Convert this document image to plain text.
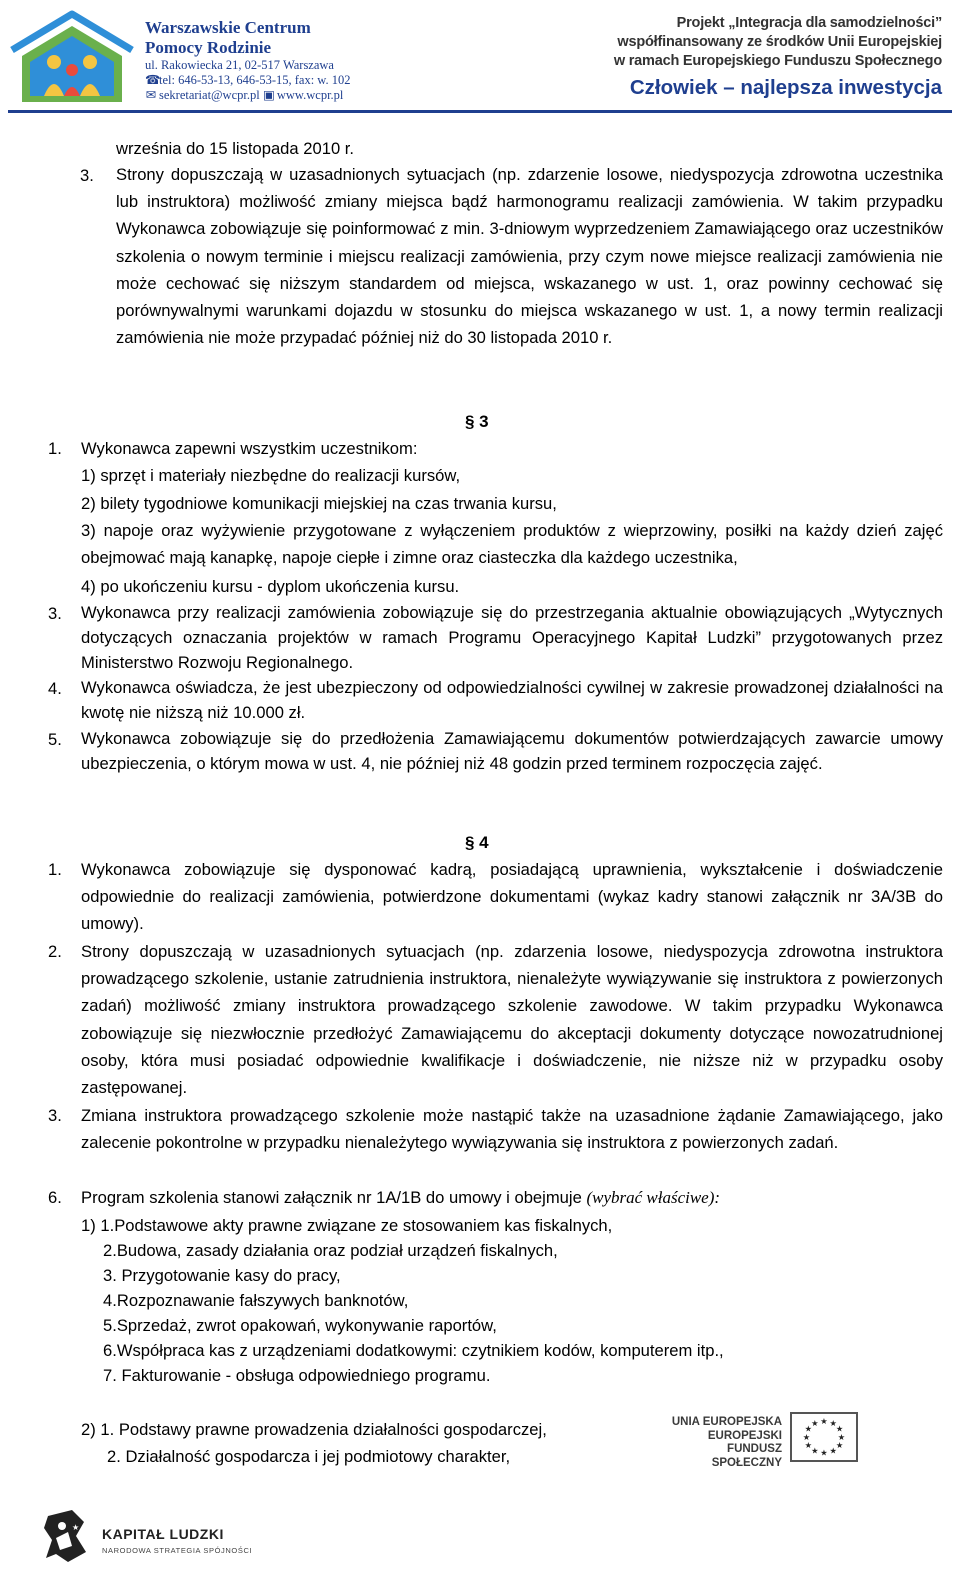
Warszawskie Centrum
Pomocy Rodzinie
ul. Rakowiecka 21, 02-517 Warszawa
☎tel: 646-53-13, 646-53-15, fax: w. 102
✉ sekretariat@wcpr.pl ▣ www.wcpr.pl
Projekt „Integracja dla samodzielności”
współfinansowany ze środków Unii Europejskiej
w ramach Europejskiego Funduszu Społecznego
Człowiek – najlepsza inwestycja
września do 15 listopada 2010 r.
3. Strony dopuszczają w uzasadnionych sytuacjach (np. zdarzenie losowe, niedyspozycja zdrowotna uczestnika lub instruktora) możliwość zmiany miejsca bądź harmonogramu realizacji zamówienia. W takim przypadku Wykonawca zobowiązuje się poinformować z min. 3-dniowym wyprzedzeniem Zamawiającego oraz uczestników szkolenia o nowym terminie i miejscu realizacji zamówienia, przy czym nowe miejsce realizacji zamówienia nie może cechować się niższym standardem od miejsca, wskazanego w ust. 1, oraz powinny cechować się porównywalnymi warunkami dojazdu w stosunku do miejsca wskazanego w ust. 1, a nowy termin realizacji zamówienia nie może przypadać później niż do 30 listopada 2010 r.
§ 3
1. Wykonawca zapewni wszystkim uczestnikom:
1) sprzęt i materiały niezbędne do realizacji kursów,
2) bilety tygodniowe komunikacji miejskiej na czas trwania kursu,
3) napoje oraz wyżywienie przygotowane z wyłączeniem produktów z wieprzowiny, posiłki na każdy dzień zajęć obejmować mają kanapkę, napoje ciepłe i zimne oraz ciasteczka dla każdego uczestnika,
4) po ukończeniu kursu - dyplom ukończenia kursu.
3. Wykonawca przy realizacji zamówienia zobowiązuje się do przestrzegania aktualnie obowiązujących „Wytycznych dotyczących oznaczania projektów w ramach Programu Operacyjnego Kapitał Ludzki” przygotowanych przez Ministerstwo Rozwoju Regionalnego.
4. Wykonawca oświadcza, że jest ubezpieczony od odpowiedzialności cywilnej w zakresie prowadzonej działalności na kwotę nie niższą niż 10.000 zł.
5. Wykonawca zobowiązuje się do przedłożenia Zamawiającemu dokumentów potwierdzających zawarcie umowy ubezpieczenia, o którym mowa w ust. 4, nie później niż 48 godzin przed terminem rozpoczęcia zajęć.
§ 4
1. Wykonawca zobowiązuje się dysponować kadrą, posiadającą uprawnienia, wykształcenie i doświadczenie odpowiednie do realizacji zamówienia, potwierdzone dokumentami (wykaz kadry stanowi załącznik nr 3A/3B do umowy).
2. Strony dopuszczają w uzasadnionych sytuacjach (np. zdarzenia losowe, niedyspozycja zdrowotna instruktora prowadzącego szkolenie, ustanie zatrudnienia instruktora, nienależyte wywiązywanie się instruktora z powierzonych zadań) możliwość zmiany instruktora prowadzącego szkolenie zawodowe. W takim przypadku Wykonawca zobowiązuje się niezwłocznie przedłożyć Zamawiającemu do akceptacji dokumenty dotyczące nowozatrudnionej osoby, która musi posiadać odpowiednie kwalifikacje i doświadczenie, nie niższe niż w przypadku osoby zastępowanej.
3. Zmiana instruktora prowadzącego szkolenie może nastąpić także na uzasadnione żądanie Zamawiającego, jako zalecenie pokontrolne w przypadku nienależytego wywiązywania się instruktora z powierzonych zadań.
6. Program szkolenia stanowi załącznik nr 1A/1B do umowy i obejmuje (wybrać właściwe):
1) 1.Podstawowe akty prawne związane ze stosowaniem kas fiskalnych,
2.Budowa, zasady działania oraz podział urządzeń fiskalnych,
3. Przygotowanie kasy do pracy,
4.Rozpoznawanie fałszywych banknotów,
5.Sprzedaż, zwrot opakowań, wykonywanie raportów,
6.Współpraca kas z urządzeniami dodatkowymi: czytnikiem kodów, komputerem itp.,
7. Fakturowanie - obsługa odpowiedniego programu.
2) 1. Podstawy prawne prowadzenia działalności gospodarczej,
2. Działalność gospodarcza i jej podmiotowy charakter,
UNIA EUROPEJSKA
EUROPEJSKI
FUNDUSZ SPOŁECZNY
★ ★
★
★
★
★
★
★
★
★
★
★
★ KAPITAŁ LUDZKI
NARODOWA STRATEGIA SPÓJNOŚCI
